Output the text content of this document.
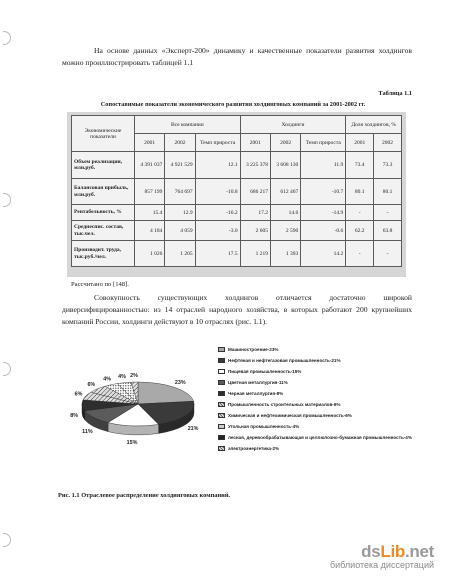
На основе данных «Эксперт-200» динамику и качественные показатели развития холдингов можно проиллюстрировать таблицей 1.1

Таблица 1.1
Сопоставимые показатели экономического развития холдинговых компаний за 2001-2002 гг.
Экономические показатели	Все компании			Холдинги			Доля холдингов, %	
	2001	2002	Темп прироста	2001	2002	Темп прироста	2001	2002
Объем реализации, млн.руб.	4 391 037	4 921 529	12.1	3 225 378	3 608 130	11.9	73.4	73.3
Балансовая прибыль, млн.руб.	857 199	764 697	-10.8	686 217	612 467	-10.7	80.1	80.1
Рентабельность, %	15.4	12.9	-16.2	17.2	14.6	-14.9	-	-
Среднеспис. состав, тыс.чел.	4 184	4 059	-3.0	2 605	2 590	-0.6	62.2	63.8
Производит. труда, тыс.руб./чел.	1 026	1 205	17.5	1 219	1 393	14.2	-	-
Рассчитано по [148].

Совокупность существующих холдингов отличается достаточно широкой диверсифицированностью: из 14 отраслей народного хозяйства, в которых работают 200 крупнейших компаний России, холдинги действуют в 10 отраслях (рис. 1.1).

23%
21%
15%
11%
8%
6%
6%
4% 4% 2%
Машиностроение-23%
Нефтяная и нефтегазовая промышленность-21%
Пищевая промышленность-15%
Цветная металлургия-11%
Черная металлургия-8%
Промышленность строительных материалов-6%
Химическая и нефтехимическая промышленность-6%
Угольная промышленность-4%
лесная, деревообрабатывающая и целлюлозно-бумажная промышленность-4%
электроэнергетика-2%
Рис. 1.1 Отраслевое распределение холдинговых компаний.
dsLib.net
библиотека диссертаций
